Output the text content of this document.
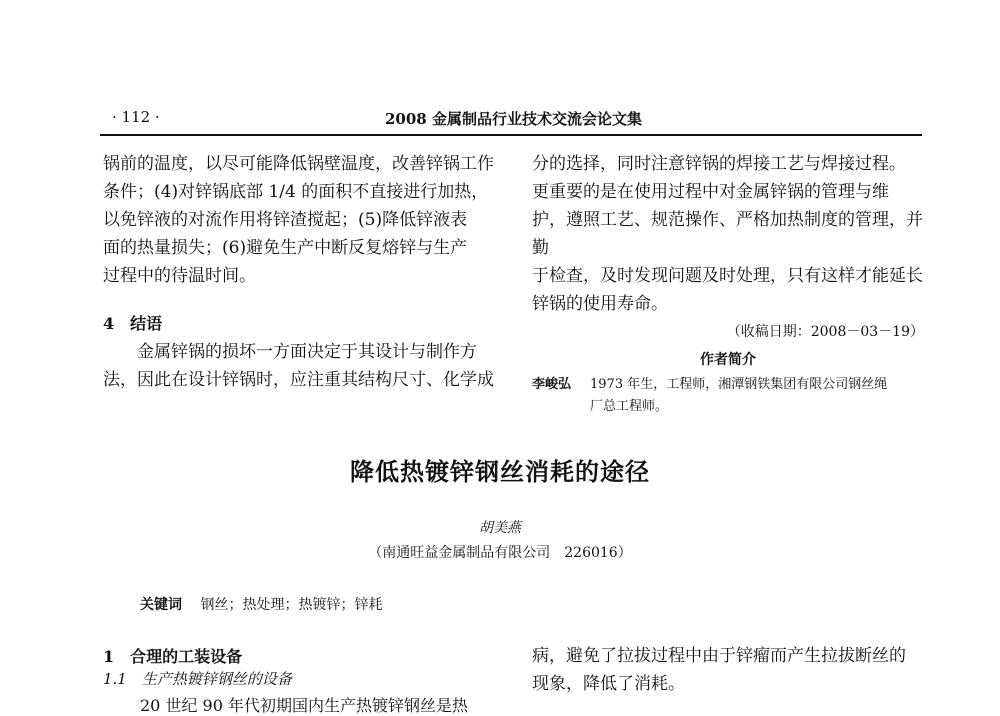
· 112 ·	2008 金属制品行业技术交流会论文集

锅前的温度，以尽可能降低锅壁温度，改善锌锅工作

条件；(4)对锌锅底部 1/4 的面积不直接进行加热，

以免锌液的对流作用将锌渣搅起；(5)降低锌液表

面的热量损失；(6)避免生产中断反复熔锌与生产

过程中的待温时间。

4　结语

金属锌锅的损坏一方面决定于其设计与制作方

法，因此在设计锌锅时，应注重其结构尺寸、化学成

分的选择，同时注意锌锅的焊接工艺与焊接过程。

更重要的是在使用过程中对金属锌锅的管理与维

护，遵照工艺、规范操作、严格加热制度的管理，并勤

于检查，及时发现问题及时处理，只有这样才能延长

锌锅的使用寿命。

（收稿日期：2008－03－19）

作者简介

李峻弘	1973 年生，工程师，湘潭钢铁集团有限公司钢丝绳
厂总工程师。
降低热镀锌钢丝消耗的途径
胡美燕
（南通旺益金属制品有限公司　226016）
关键词 钢丝；热处理；热镀锌；锌耗
1　合理的工装设备
1.1　生产热镀锌钢丝的设备
20 世纪 90 年代初期国内生产热镀锌钢丝是热
病，避免了拉拔过程中由于锌瘤而产生拉拔断丝的
现象，降低了消耗。
